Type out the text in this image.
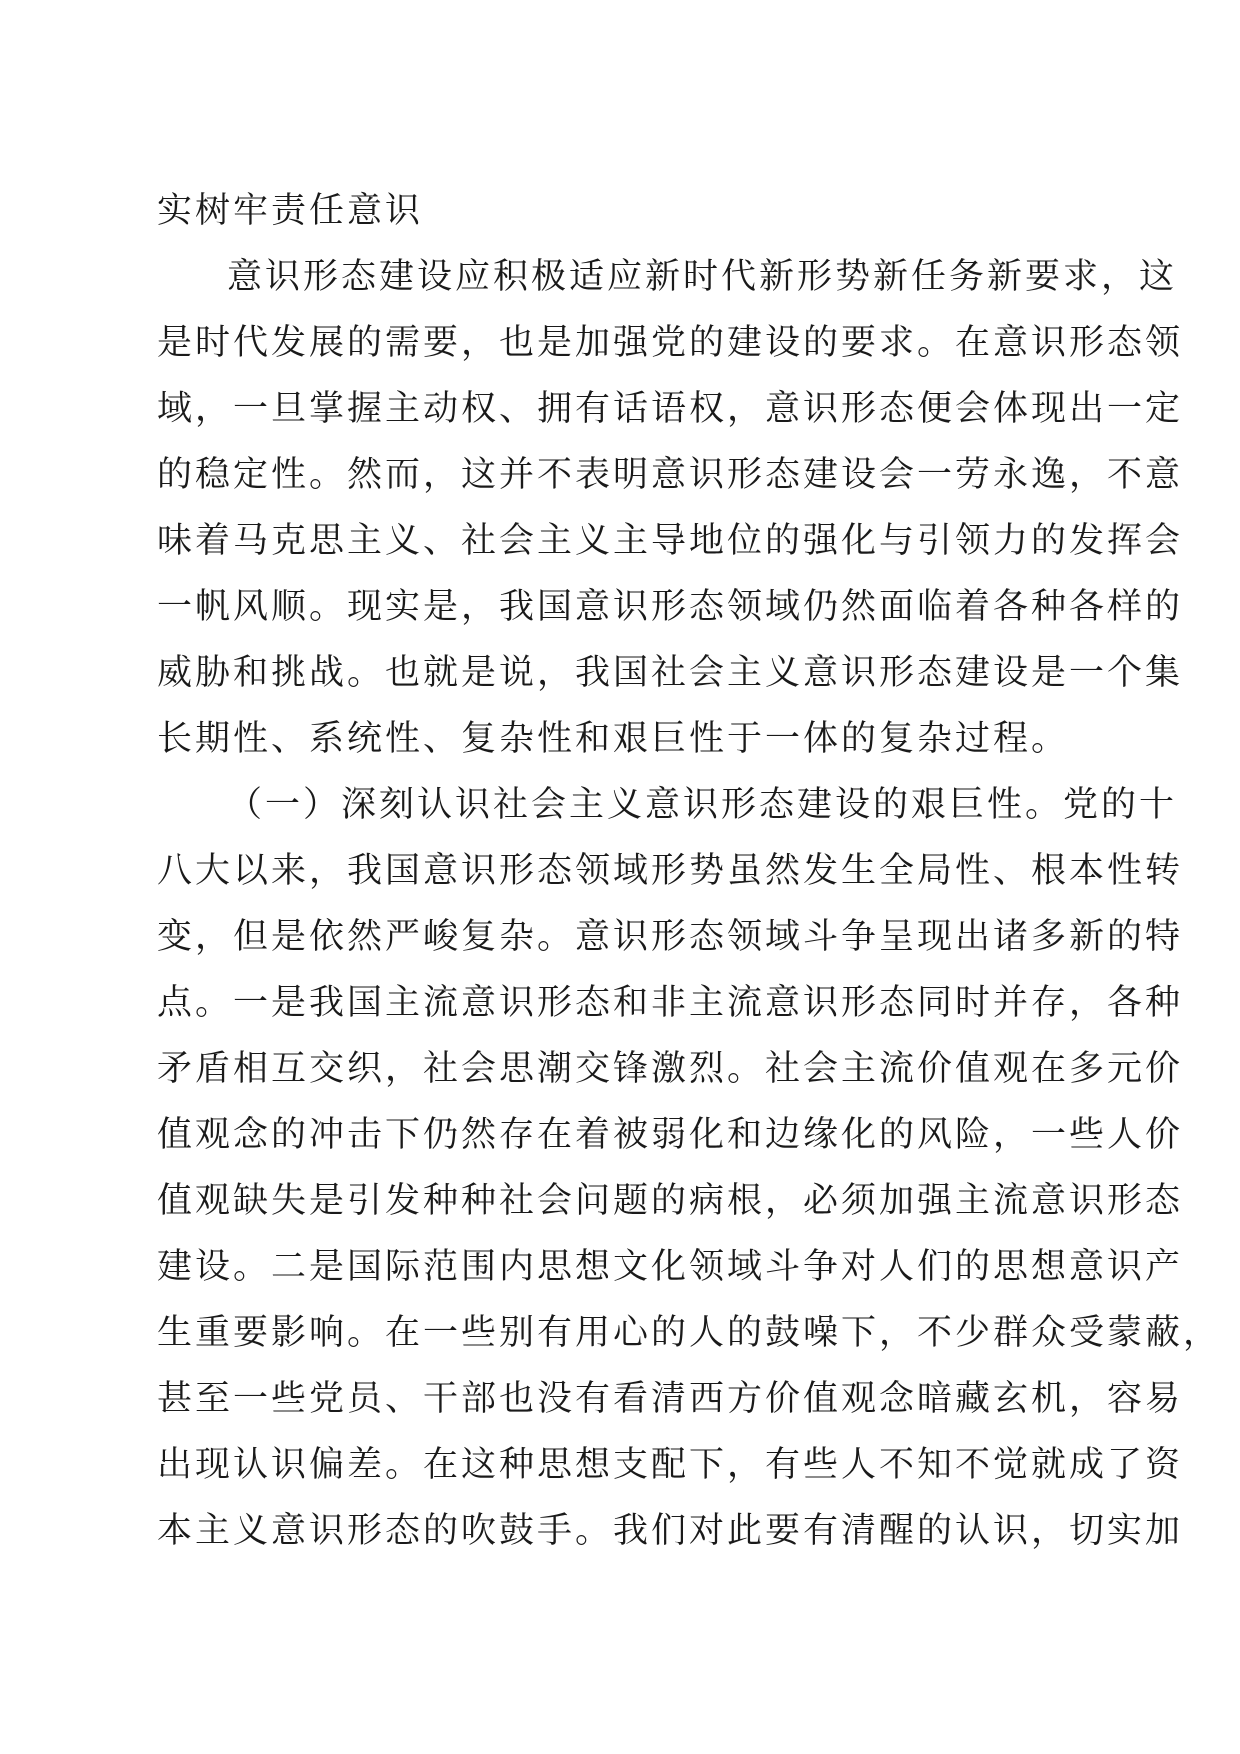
实树牢责任意识
意识形态建设应积极适应新时代新形势新任务新要求，这
是时代发展的需要，也是加强党的建设的要求。在意识形态领
域，一旦掌握主动权、拥有话语权，意识形态便会体现出一定
的稳定性。然而，这并不表明意识形态建设会一劳永逸，不意
味着马克思主义、社会主义主导地位的强化与引领力的发挥会
一帆风顺。现实是，我国意识形态领域仍然面临着各种各样的
威胁和挑战。也就是说，我国社会主义意识形态建设是一个集
长期性、系统性、复杂性和艰巨性于一体的复杂过程。
（一）深刻认识社会主义意识形态建设的艰巨性。党的十
八大以来，我国意识形态领域形势虽然发生全局性、根本性转
变，但是依然严峻复杂。意识形态领域斗争呈现出诸多新的特
点。一是我国主流意识形态和非主流意识形态同时并存，各种
矛盾相互交织，社会思潮交锋激烈。社会主流价值观在多元价
值观念的冲击下仍然存在着被弱化和边缘化的风险，一些人价
值观缺失是引发种种社会问题的病根，必须加强主流意识形态
建设。二是国际范围内思想文化领域斗争对人们的思想意识产
生重要影响。在一些别有用心的人的鼓噪下，不少群众受蒙蔽，
甚至一些党员、干部也没有看清西方价值观念暗藏玄机，容易
出现认识偏差。在这种思想支配下，有些人不知不觉就成了资
本主义意识形态的吹鼓手。我们对此要有清醒的认识，切实加
